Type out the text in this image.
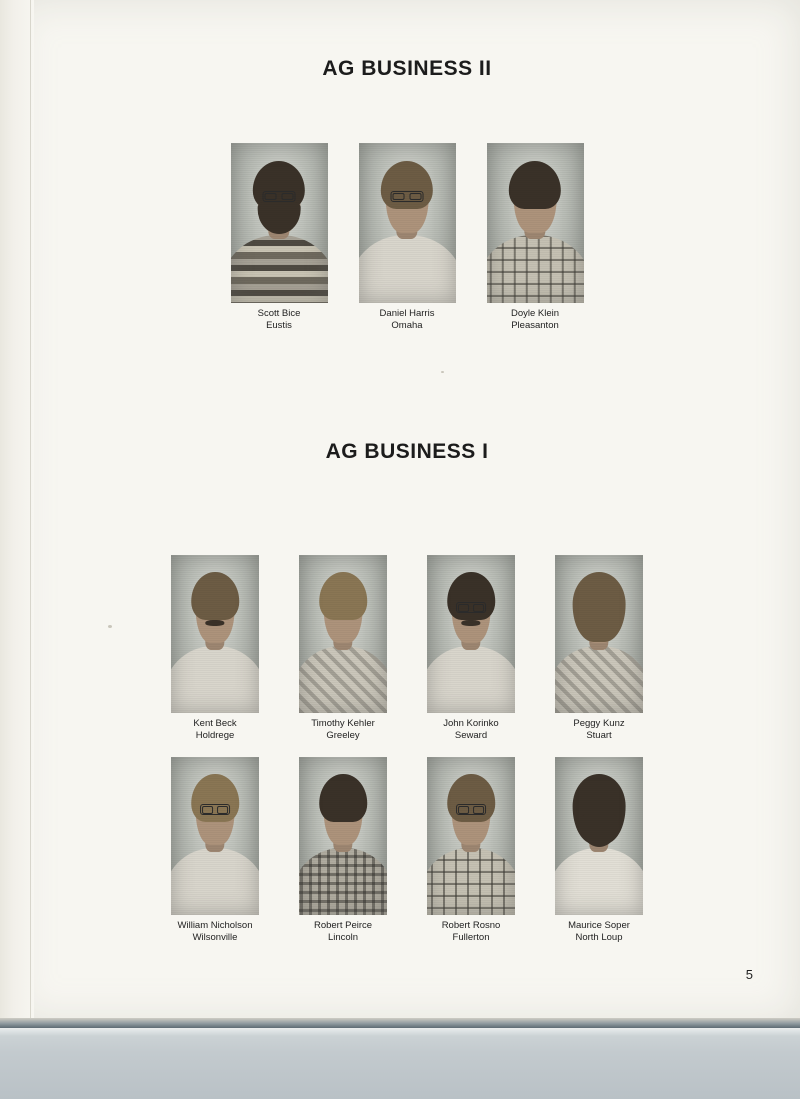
AG BUSINESS II
Scott Bice
Eustis
Daniel Harris
Omaha
Doyle Klein
Pleasanton
AG BUSINESS I
Kent Beck
Holdrege
Timothy Kehler
Greeley
John Korinko
Seward
Peggy Kunz
Stuart
William Nicholson
Wilsonville
Robert Peirce
Lincoln
Robert Rosno
Fullerton
Maurice Soper
North Loup
5
